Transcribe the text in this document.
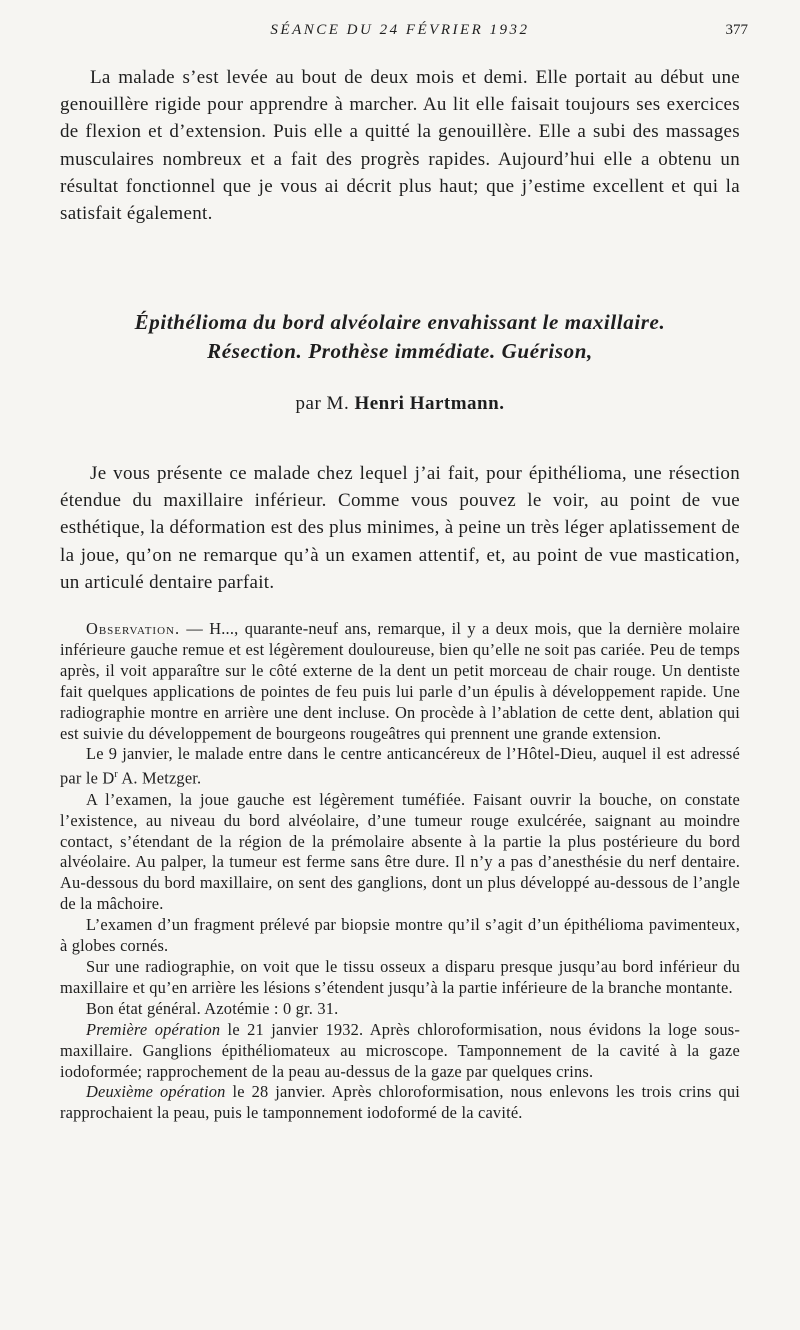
SÉANCE DU 24 FÉVRIER 1932	377

La malade s’est levée au bout de deux mois et demi. Elle portait au début une genouillère rigide pour apprendre à marcher. Au lit elle faisait toujours ses exercices de flexion et d’extension. Puis elle a quitté la genouillère. Elle a subi des massages musculaires nombreux et a fait des progrès rapides. Aujourd’hui elle a obtenu un résultat fonctionnel que je vous ai décrit plus haut; que j’estime excellent et qui la satisfait également.

Épithélioma du bord alvéolaire envahissant le maxillaire.
Résection. Prothèse immédiate. Guérison,
par M. Henri Hartmann.

Je vous présente ce malade chez lequel j’ai fait, pour épithélioma, une résection étendue du maxillaire inférieur. Comme vous pouvez le voir, au point de vue esthétique, la déformation est des plus minimes, à peine un très léger aplatissement de la joue, qu’on ne remarque qu’à un examen attentif, et, au point de vue mastication, un articulé dentaire parfait.

Observation. — H..., quarante-neuf ans, remarque, il y a deux mois, que la dernière molaire inférieure gauche remue et est légèrement douloureuse, bien qu’elle ne soit pas cariée. Peu de temps après, il voit apparaître sur le côté externe de la dent un petit morceau de chair rouge. Un dentiste fait quelques applications de pointes de feu puis lui parle d’un épulis à développement rapide. Une radiographie montre en arrière une dent incluse. On procède à l’ablation de cette dent, ablation qui est suivie du développement de bourgeons rougeâtres qui prennent une grande extension.

Le 9 janvier, le malade entre dans le centre anticancéreux de l’Hôtel-Dieu, auquel il est adressé par le $D^r$ A. Metzger.

A l’examen, la joue gauche est légèrement tuméfiée. Faisant ouvrir la bouche, on constate l’existence, au niveau du bord alvéolaire, d’une tumeur rouge exulcérée, saignant au moindre contact, s’étendant de la région de la prémolaire absente à la partie la plus postérieure du bord alvéolaire. Au palper, la tumeur est ferme sans être dure. Il n’y a pas d’anesthésie du nerf dentaire. Au-dessous du bord maxillaire, on sent des ganglions, dont un plus développé au-dessous de l’angle de la mâchoire.

L’examen d’un fragment prélevé par biopsie montre qu’il s’agit d’un épithélioma pavimenteux, à globes cornés.

Sur une radiographie, on voit que le tissu osseux a disparu presque jusqu’au bord inférieur du maxillaire et qu’en arrière les lésions s’étendent jusqu’à la partie inférieure de la branche montante.

Bon état général. Azotémie : 0 gr. 31.

Première opération le 21 janvier 1932. Après chloroformisation, nous évidons la loge sous-maxillaire. Ganglions épithéliomateux au microscope. Tamponnement de la cavité à la gaze iodoformée; rapprochement de la peau au-dessus de la gaze par quelques crins.

Deuxième opération le 28 janvier. Après chloroformisation, nous enlevons les trois crins qui rapprochaient la peau, puis le tamponnement iodoformé de la cavité.
